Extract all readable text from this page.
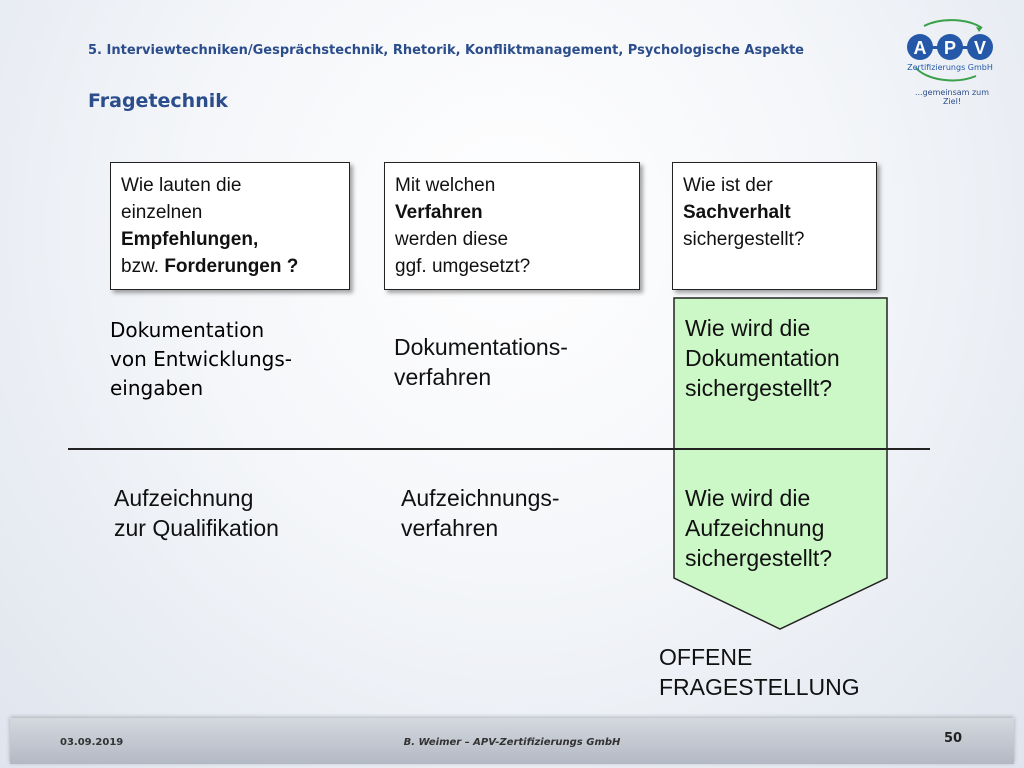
5. Interviewtechniken/Gesprächstechnik, Rhetorik, Konfliktmanagement, Psychologische Aspekte
Fragetechnik
A P V
Zertifizierungs GmbH
...gemeinsam zum Ziel!
Wie lauten die
einzelnen
Empfehlungen,
bzw. Forderungen ?
Mit welchen
Verfahren
werden diese
ggf. umgesetzt?
Wie ist der
Sachverhalt
sichergestellt?
Dokumentation
von Entwicklungs-
eingaben
Dokumentations-
verfahren
Wie wird die
Dokumentation
sichergestellt?
Aufzeichnung
zur Qualifikation
Aufzeichnungs-
verfahren
Wie wird die
Aufzeichnung
sichergestellt?
OFFENE
FRAGESTELLUNG
03.09.2019	B. Weimer – APV-Zertifizierungs GmbH	50
